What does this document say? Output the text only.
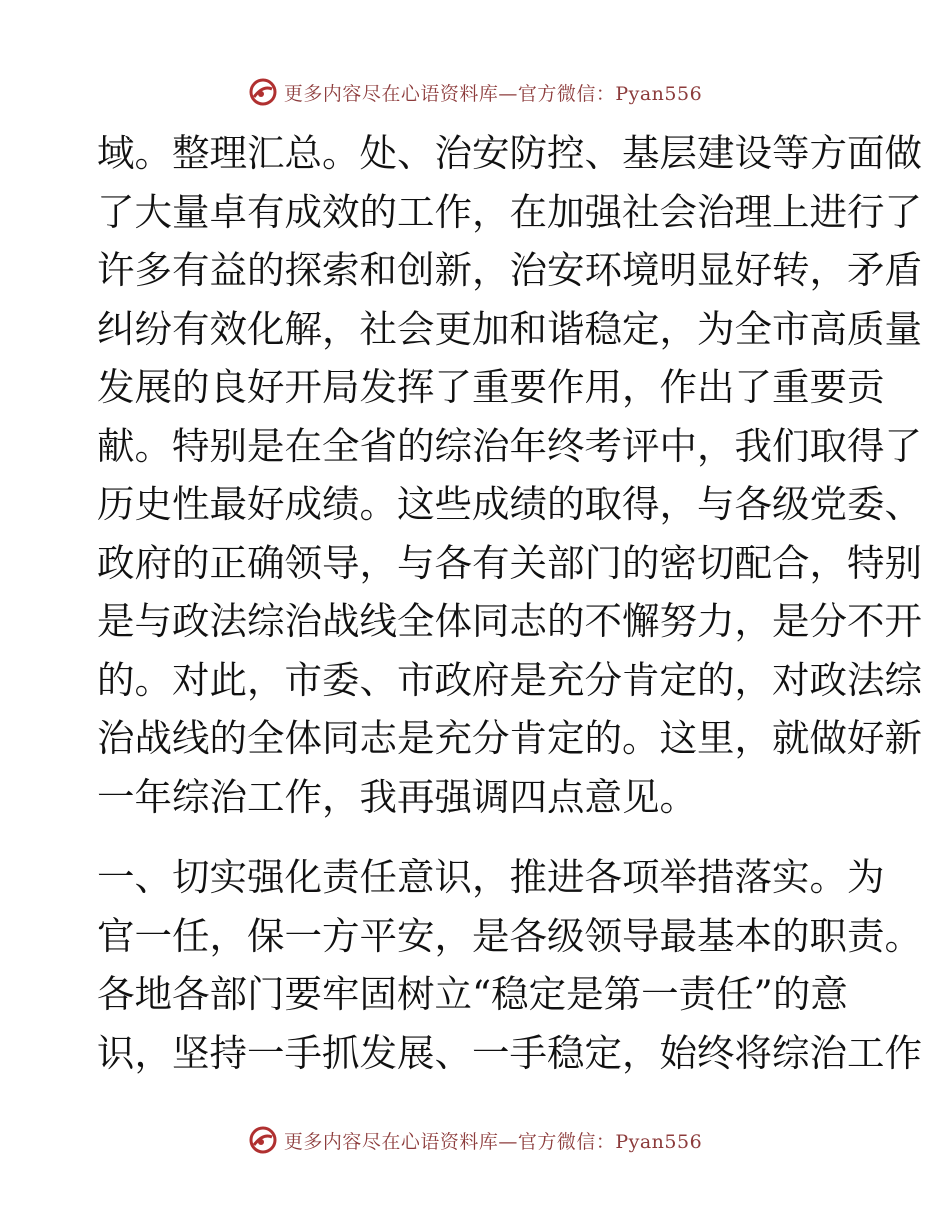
更多内容尽在心语资料库—官方微信：Pyan556

域。整理汇总。处、治安防控、基层建设等方面做
了大量卓有成效的工作，在加强社会治理上进行了
许多有益的探索和创新，治安环境明显好转，矛盾
纠纷有效化解，社会更加和谐稳定，为全市高质量
发展的良好开局发挥了重要作用，作出了重要贡
献。特别是在全省的综治年终考评中，我们取得了
历史性最好成绩。这些成绩的取得，与各级党委、
政府的正确领导，与各有关部门的密切配合，特别
是与政法综治战线全体同志的不懈努力，是分不开
的。对此，市委、市政府是充分肯定的，对政法综
治战线的全体同志是充分肯定的。这里，就做好新
一年综治工作，我再强调四点意见。

一、切实强化责任意识，推进各项举措落实。为
官一任，保一方平安，是各级领导最基本的职责。
各地各部门要牢固树立“稳定是第一责任”的意
识，坚持一手抓发展、一手稳定，始终将综治工作

更多内容尽在心语资料库—官方微信：Pyan556
